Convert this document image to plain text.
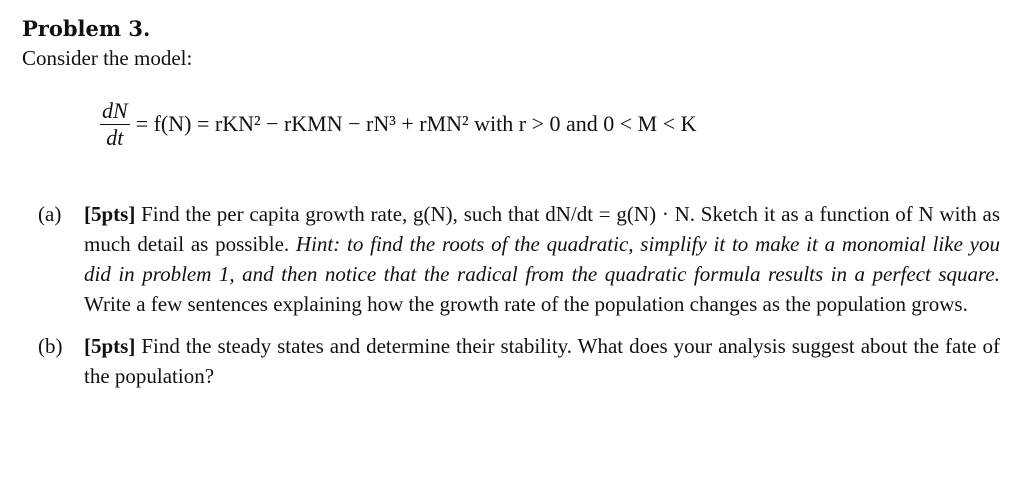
Problem 3.
Consider the model:
$\frac{dN}{dt} = f(N) = rKN^2$ − rKMN − rN³ + rMN² with r > 0 and 0 < M < K
(a)	[5pts] Find the per capita growth rate, g(N), such that dN/dt = g(N) · N. Sketch it as a function of N with as much detail as possible. Hint: to find the roots of the quadratic, simplify it to make it a monomial like you did in problem 1, and then notice that the radical from the quadratic formula results in a perfect square. Write a few sentences explaining how the growth rate of the population changes as the population grows.
(b)	[5pts] Find the steady states and determine their stability. What does your analysis suggest about the fate of the population?
